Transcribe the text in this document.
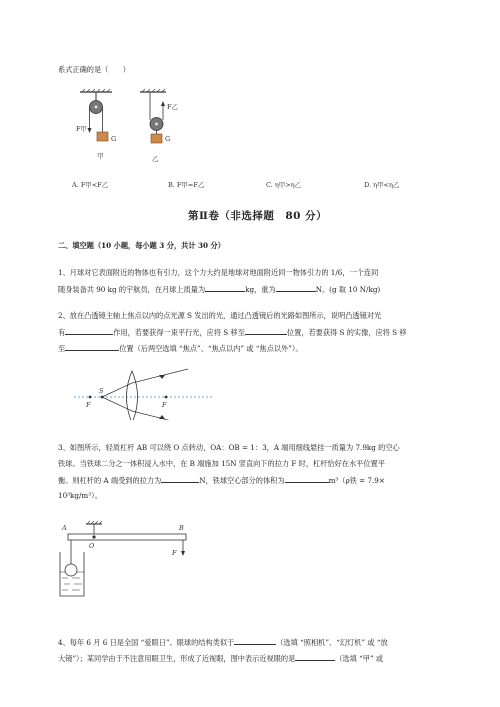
系式正确的是（　　）
F甲
G
F乙
G
甲	乙
A. F甲<F乙	B. F甲=F乙	C. η甲>η乙	D. η甲<η乙
第Ⅱ卷（非选择题　80 分）
二、填空题（10 小题，每小题 3 分，共计 30 分）
1、月球对它表面附近的物体也有引力，这个力大约是地球对地面附近同一物体引力的 1/6，一个连同
随身装备共 90 kg 的宇航员，在月球上质量为	kg，重为	N。(g 取 10 N/kg)
2、放在凸透镜主轴上焦点以内的点光源 S 发出的光，通过凸透镜后的光路如图所示，说明凸透镜对光
有	作用，若要获得一束平行光，应将 S 移至	位置，若要获得 S 的实像，应将 S 移
至	位置（后两空选填 “焦点”、“焦点以内” 或 “焦点以外”）。
F
S
F
3、如图所示，轻质杠杆 AB 可以绕 O 点转动，OA：OB = 1：3，A 端用细线悬挂一质量为 7.9kg 的空心
铁球。当铁球二分之一体积浸入水中，在 B 端施加 15N 竖直向下的拉力 F 时，杠杆恰好在水平位置平
衡。则杠杆的 A 端受到的拉力为	N，铁球空心部分的体积为	m³（ρ铁 = 7.9×
10³kg/m³）。
A
O
B
F
4、每年 6 月 6 日是全国 “爱眼日”。眼球的结构类似于	（选填 “照相机”、“幻灯机” 或 “放
大镜”）；某同学由于不注意用眼卫生，形成了近视眼，图中表示近视眼的是	（选填 “甲” 或
